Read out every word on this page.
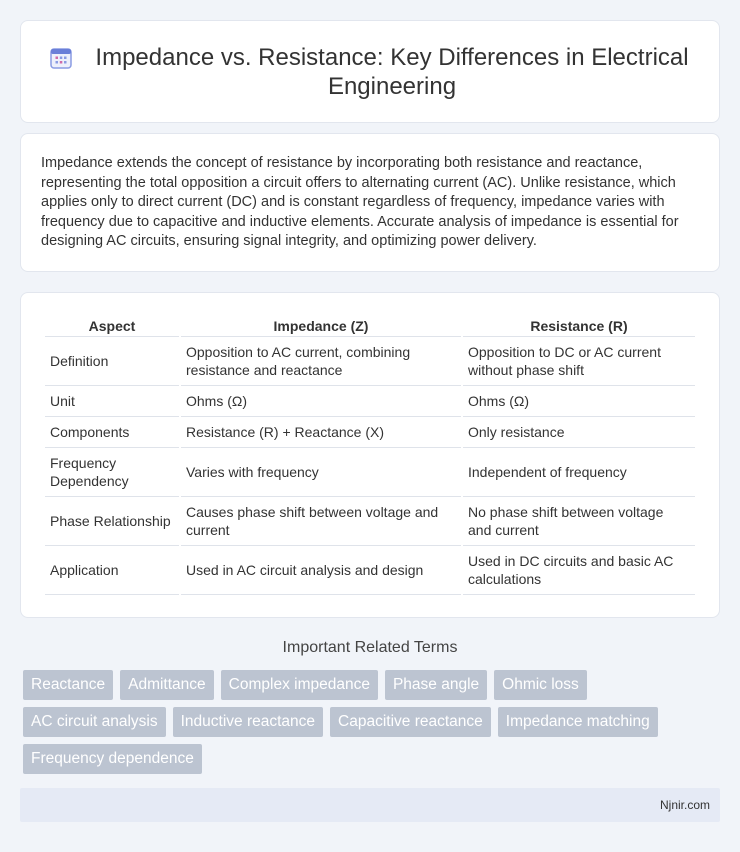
Impedance vs. Resistance: Key Differences in Electrical Engineering

Impedance extends the concept of resistance by incorporating both resistance and reactance, representing the total opposition a circuit offers to alternating current (AC). Unlike resistance, which applies only to direct current (DC) and is constant regardless of frequency, impedance varies with frequency due to capacitive and inductive elements. Accurate analysis of impedance is essential for designing AC circuits, ensuring signal integrity, and optimizing power delivery.

Aspect	Impedance (Z)	Resistance (R)
Definition	Opposition to AC current, combining resistance and reactance	Opposition to DC or AC current without phase shift
Unit	Ohms (Ω)	Ohms (Ω)
Components	Resistance (R) + Reactance (X)	Only resistance
Frequency Dependency	Varies with frequency	Independent of frequency
Phase Relationship	Causes phase shift between voltage and current	No phase shift between voltage and current
Application	Used in AC circuit analysis and design	Used in DC circuits and basic AC calculations
Important Related Terms
Reactance	Admittance	Complex impedance	Phase angle	Ohmic loss
AC circuit analysis	Inductive reactance	Capacitive reactance	Impedance matching
Frequency dependence
Njnir.com
